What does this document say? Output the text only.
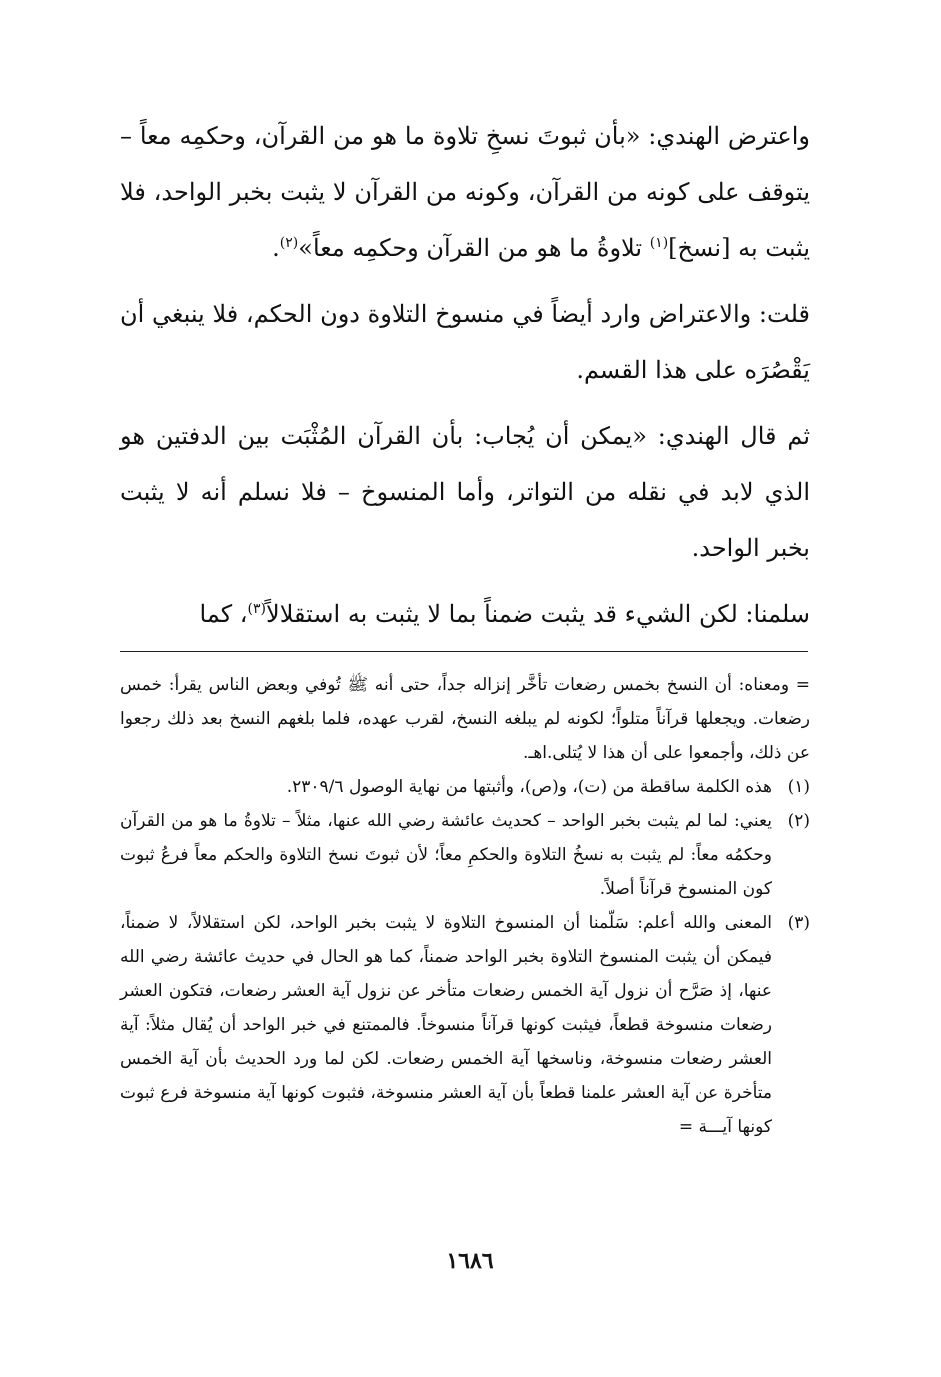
واعترض الهندي: «بأن ثبوتَ نسخِ تلاوة ما هو من القرآن، وحكمِه معاً – يتوقف على كونه من القرآن، وكونه من القرآن لا يثبت بخبر الواحد، فلا يثبت به [نسخ]$^{(١)}$ تلاوةُ ما هو من القرآن وحكمِه معاً»$^{(٢)}$.

قلت: والاعتراض وارد أيضاً في منسوخ التلاوة دون الحكم، فلا ينبغي أن يَقْصُرَه على هذا القسم.

ثم قال الهندي: «يمكن أن يُجاب: بأن القرآن المُثْبَت بين الدفتين هو الذي لابد في نقله من التواتر، وأما المنسوخ – فلا نسلم أنه لا يثبت بخبر الواحد.

سلمنا: لكن الشيء قد يثبت ضمناً بما لا يثبت به استقلالاً$^{(٣)}$، كما

= ومعناه: أن النسخ بخمس رضعات تأخَّر إنزاله جداً، حتى أنه ﷺ تُوفي وبعض الناس يقرأ: خمس رضعات. ويجعلها قرآناً متلواً؛ لكونه لم يبلغه النسخ، لقرب عهده، فلما بلغهم النسخ بعد ذلك رجعوا عن ذلك، وأجمعوا على أن هذا لا يُتلى.اهـ.

(١)
هذه الكلمة ساقطة من (ت)، و(ص)، وأثبتها من نهاية الوصول ٢٣٠٩/٦.

(٢)
يعني: لما لم يثبت بخبر الواحد – كحديث عائشة رضي الله عنها، مثلاً – تلاوةُ ما هو من القرآن وحكمُه معاً: لم يثبت به نسخُ التلاوة والحكمِ معاً؛ لأن ثبوتَ نسخ التلاوة والحكم معاً فرعُ ثبوت كون المنسوخ قرآناً أصلاً.

(٣)
المعنى والله أعلم: سَلّمنا أن المنسوخ التلاوة لا يثبت بخبر الواحد، لكن استقلالاً، لا ضمناً، فيمكن أن يثبت المنسوخ التلاوة بخبر الواحد ضمناً، كما هو الحال في حديث عائشة رضي الله عنها، إذ صَرَّح أن نزول آية الخمس رضعات متأخر عن نزول آية العشر رضعات، فتكون العشر رضعات منسوخة قطعاً، فيثبت كونها قرآناً منسوخاً. فالممتنع في خبر الواحد أن يُقال مثلاً: آية العشر رضعات منسوخة، وناسخها آية الخمس رضعات. لكن لما ورد الحديث بأن آية الخمس متأخرة عن آية العشر علمنا قطعاً بأن آية العشر منسوخة، فثبوت كونها آية منسوخة فرع ثبوت كونها آيـــة =

١٦٨٦
